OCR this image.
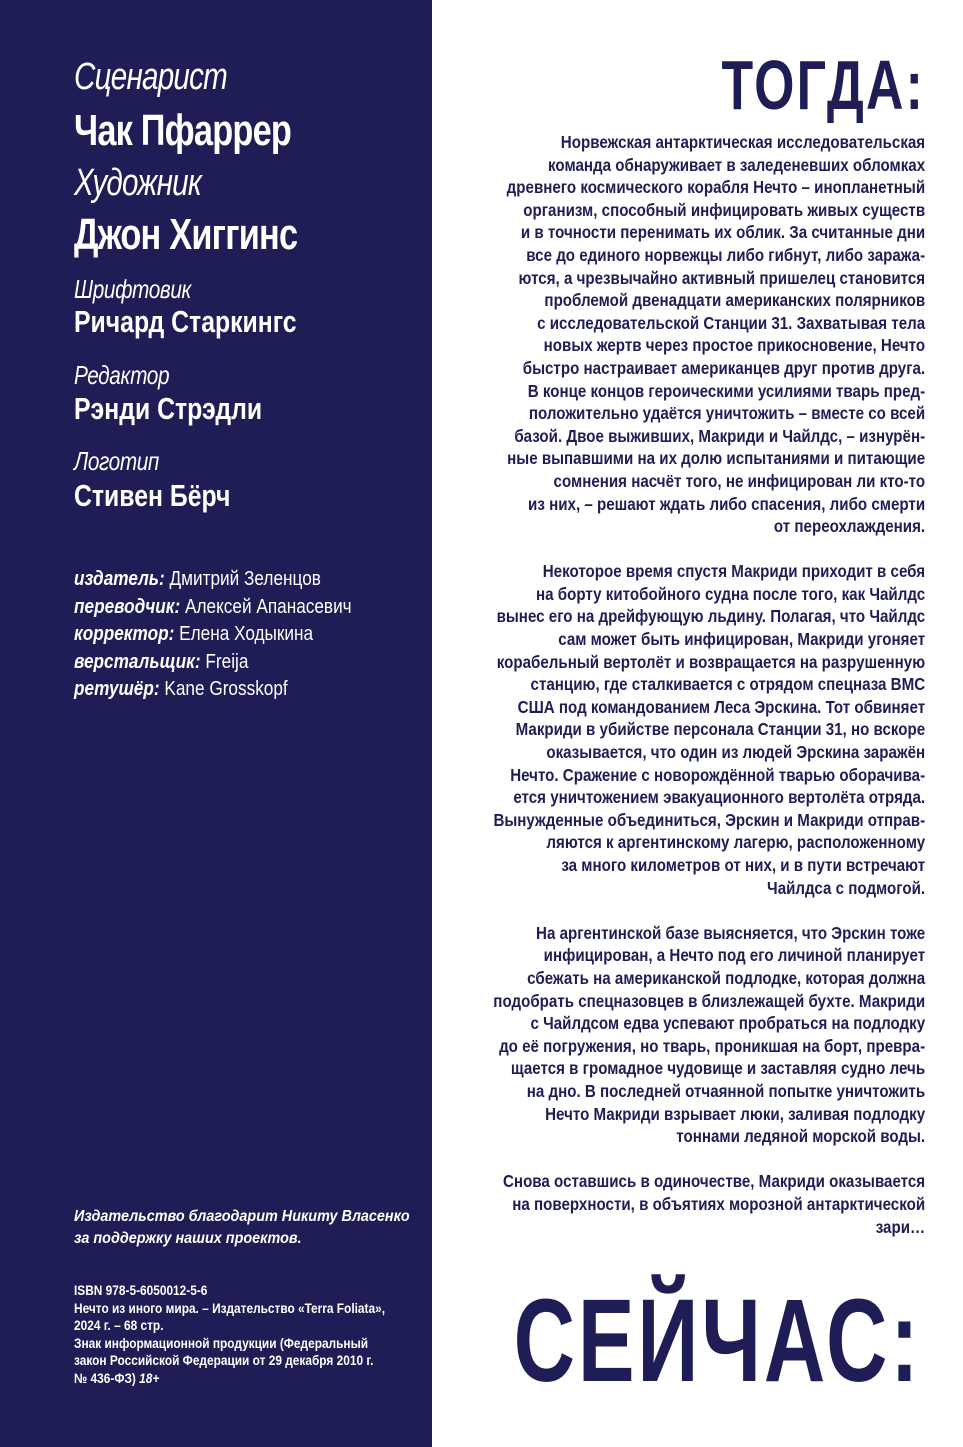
Сценарист
Чак Пфаррер
Художник
Джон Хиггинс
Шрифтовик
Ричард Старкингс
Редактор
Рэнди Стрэдли
Логотип
Стивен Бёрч
издатель: Дмитрий Зеленцов
переводчик: Алексей Апанасевич
корректор: Елена Ходыкина
верстальщик: Freija
ретушёр: Kane Grosskopf
Издательство благодарит Никиту Власенко
за поддержку наших проектов.
ISBN 978-5-6050012-5-6
Нечто из иного мира. – Издательство «Terra Foliata»,
2024 г. – 68 стр.
Знак информационной продукции (Федеральный
закон Российской Федерации от 29 декабря 2010 г.
№ 436-ФЗ) 18+
ТОГДА:
Норвежская антарктическая исследовательская
команда обнаруживает в заледеневших обломках
древнего космического корабля Нечто – инопланетный
организм, способный инфицировать живых существ
и в точности перенимать их облик. За считанные дни
все до единого норвежцы либо гибнут, либо заража-
ются, а чрезвычайно активный пришелец становится
проблемой двенадцати американских полярников
с исследовательской Станции 31. Захватывая тела
новых жертв через простое прикосновение, Нечто
быстро настраивает американцев друг против друга.
В конце концов героическими усилиями тварь пред-
положительно удаётся уничтожить – вместе со всей
базой. Двое выживших, Макриди и Чайлдс, – изнурён-
ные выпавшими на их долю испытаниями и питающие
сомнения насчёт того, не инфицирован ли кто-то
из них, – решают ждать либо спасения, либо смерти
от переохлаждения.
Некоторое время спустя Макриди приходит в себя
на борту китобойного судна после того, как Чайлдс
вынес его на дрейфующую льдину. Полагая, что Чайлдс
сам может быть инфицирован, Макриди угоняет
корабельный вертолёт и возвращается на разрушенную
станцию, где сталкивается с отрядом спецназа ВМС
США под командованием Леса Эрскина. Тот обвиняет
Макриди в убийстве персонала Станции 31, но вскоре
оказывается, что один из людей Эрскина заражён
Нечто. Сражение с новорождённой тварью оборачива-
ется уничтожением эвакуационного вертолёта отряда.
Вынужденные объединиться, Эрскин и Макриди отправ-
ляются к аргентинскому лагерю, расположенному
за много километров от них, и в пути встречают
Чайлдса с подмогой.
На аргентинской базе выясняется, что Эрскин тоже
инфицирован, а Нечто под его личиной планирует
сбежать на американской подлодке, которая должна
подобрать спецназовцев в близлежащей бухте. Макриди
с Чайлдсом едва успевают пробраться на подлодку
до её погружения, но тварь, проникшая на борт, превра-
щается в громадное чудовище и заставляя судно лечь
на дно. В последней отчаянной попытке уничтожить
Нечто Макриди взрывает люки, заливая подлодку
тоннами ледяной морской воды.
Снова оставшись в одиночестве, Макриди оказывается
на поверхности, в объятиях морозной антарктической
зари…
СЕЙЧАС:
